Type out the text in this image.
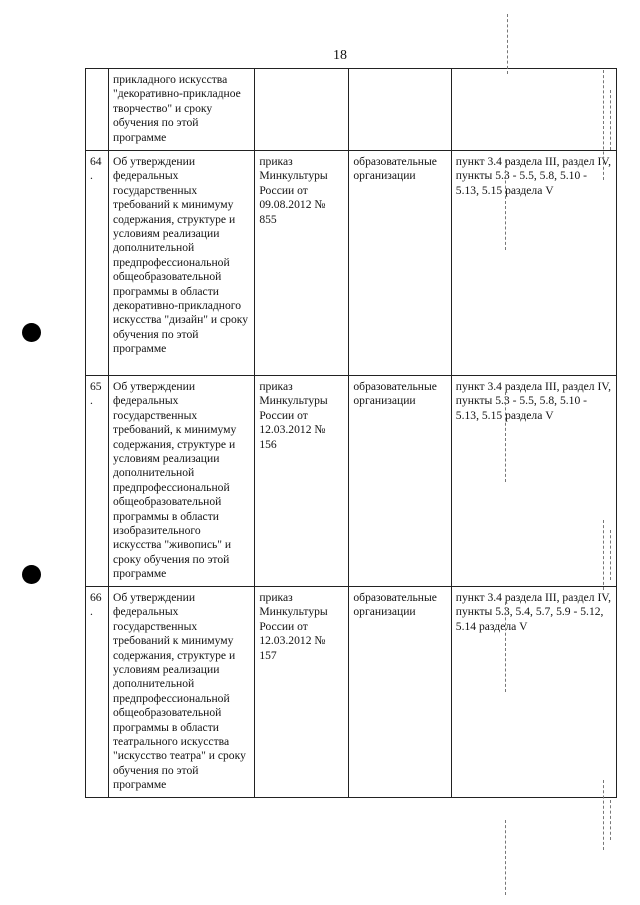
18
	прикладного искусства "декоративно-прикладное творчество" и сроку обучения по этой программе			
64.	Об утверждении федеральных государственных требований к минимуму содержания, структуре и условиям реализации дополнительной предпрофессиональной общеобразовательной программы в области декоративно-прикладного искусства "дизайн" и сроку обучения по этой программе	приказ Минкультуры России от 09.08.2012 № 855	образовательные организации	пункт 3.4 раздела III, раздел IV, пункты 5.3 - 5.5, 5.8, 5.10 - 5.13, 5.15 раздела V
65.	Об утверждении федеральных государственных требований, к минимуму содержания, структуре и условиям реализации дополнительной предпрофессиональной общеобразовательной программы в области изобразительного искусства "живопись" и сроку обучения по этой программе	приказ Минкультуры России от 12.03.2012 № 156	образовательные организации	пункт 3.4 раздела III, раздел IV, пункты 5.3 - 5.5, 5.8, 5.10 - 5.13, 5.15 раздела V
66.	Об утверждении федеральных государственных требований к минимуму содержания, структуре и условиям реализации дополнительной предпрофессиональной общеобразовательной программы в области театрального искусства "искусство театра" и сроку обучения по этой программе	приказ Минкультуры России от 12.03.2012 № 157	образовательные организации	пункт 3.4 раздела III, раздел IV, пункты 5.3, 5.4, 5.7, 5.9 - 5.12, 5.14 раздела V
